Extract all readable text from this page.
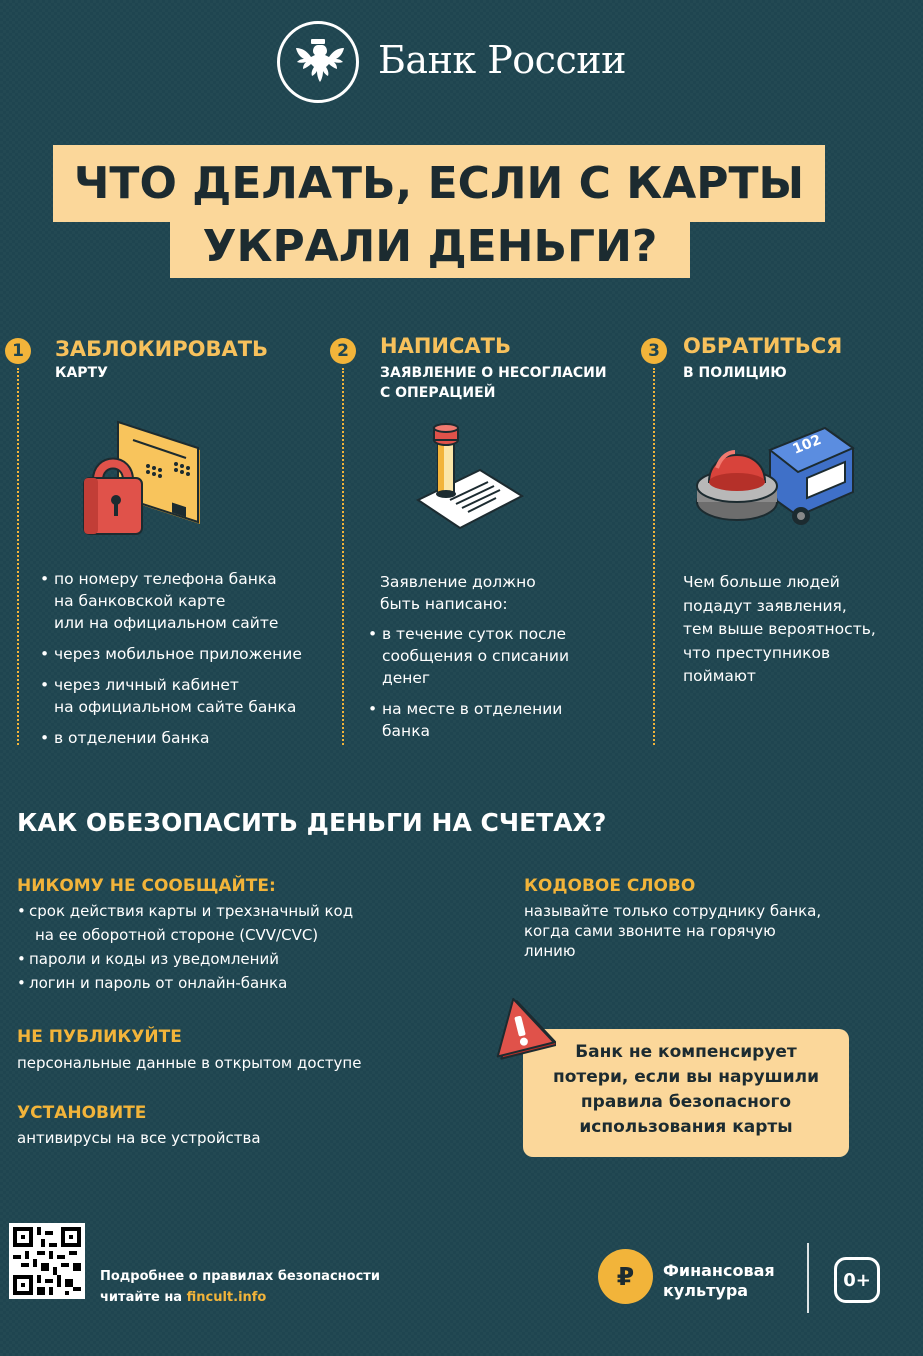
Банк России
ЧТО ДЕЛАТЬ, ЕСЛИ С КАРТЫ
УКРАЛИ ДЕНЬГИ?
1	ЗАБЛОКИРОВАТЬ
КАРТУ
• по номеру телефона банка
на банковской карте
или на официальном сайте
• через мобильное приложение
• через личный кабинет
на официальном сайте банка
• в отделении банка
2	НАПИСАТЬ
ЗАЯВЛЕНИЕ О НЕСОГЛАСИИ
С ОПЕРАЦИЕЙ
Заявление должно
быть написано:
• в течение суток после
сообщения о списании
денег
• на месте в отделении
банка
3	ОБРАТИТЬСЯ
В ПОЛИЦИЮ
102
Чем больше людей
подадут заявления,
тем выше вероятность,
что преступников
поймают
КАК ОБЕЗОПАСИТЬ ДЕНЬГИ НА СЧЕТАХ?
НИКОМУ НЕ СООБЩАЙТЕ:
• срок действия карты и трехзначный код
на ее оборотной стороне (CVV/CVC)
• пароли и коды из уведомлений
• логин и пароль от онлайн-банка
НЕ ПУБЛИКУЙТЕ
персональные данные в открытом доступе
УСТАНОВИТЕ
антивирусы на все устройства
КОДОВОЕ СЛОВО
называйте только сотруднику банка,
когда сами звоните на горячую
линию
Банк не компенсирует
потери, если вы нарушили
правила безопасного
использования карты
Подробнее о правилах безопасности
читайте на fincult.info
₽ Финансовая
культура	0+
